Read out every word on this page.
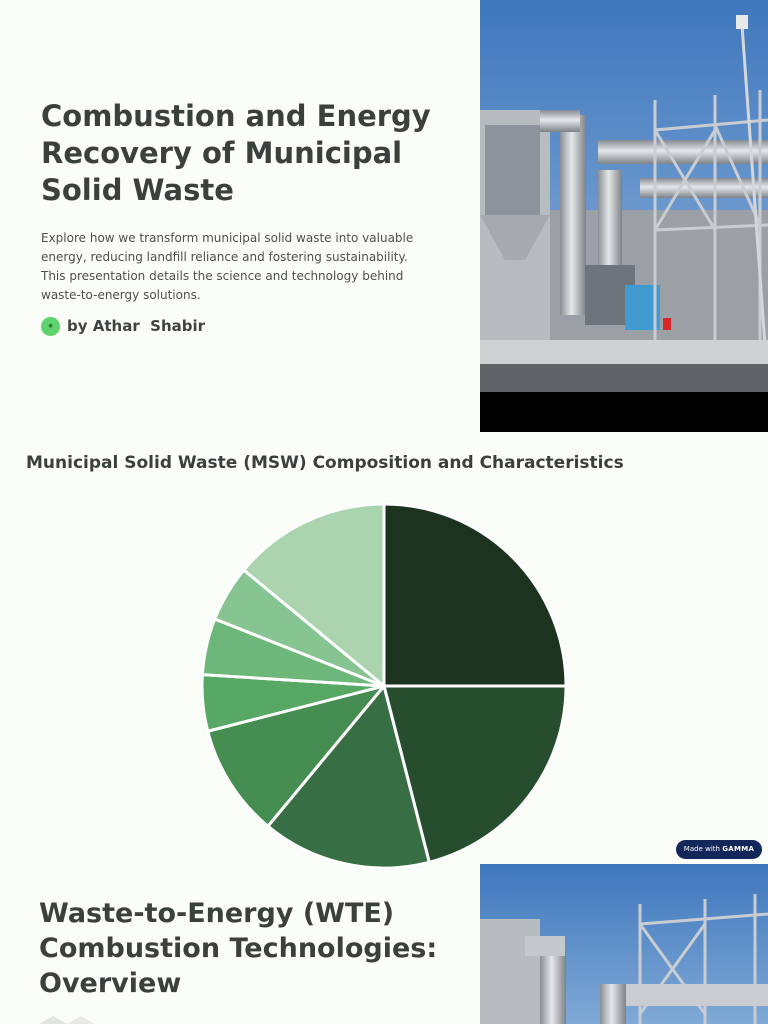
Combustion and Energy Recovery of Municipal Solid Waste

Explore how we transform municipal solid waste into valuable energy, reducing landfill reliance and fostering sustainability. This presentation details the science and technology behind waste-to-energy solutions.

● by Athar  Shabir
Municipal Solid Waste (MSW) Composition and Characteristics
Made with GAMMA
Waste-to-Energy (WTE) Combustion Technologies: Overview
